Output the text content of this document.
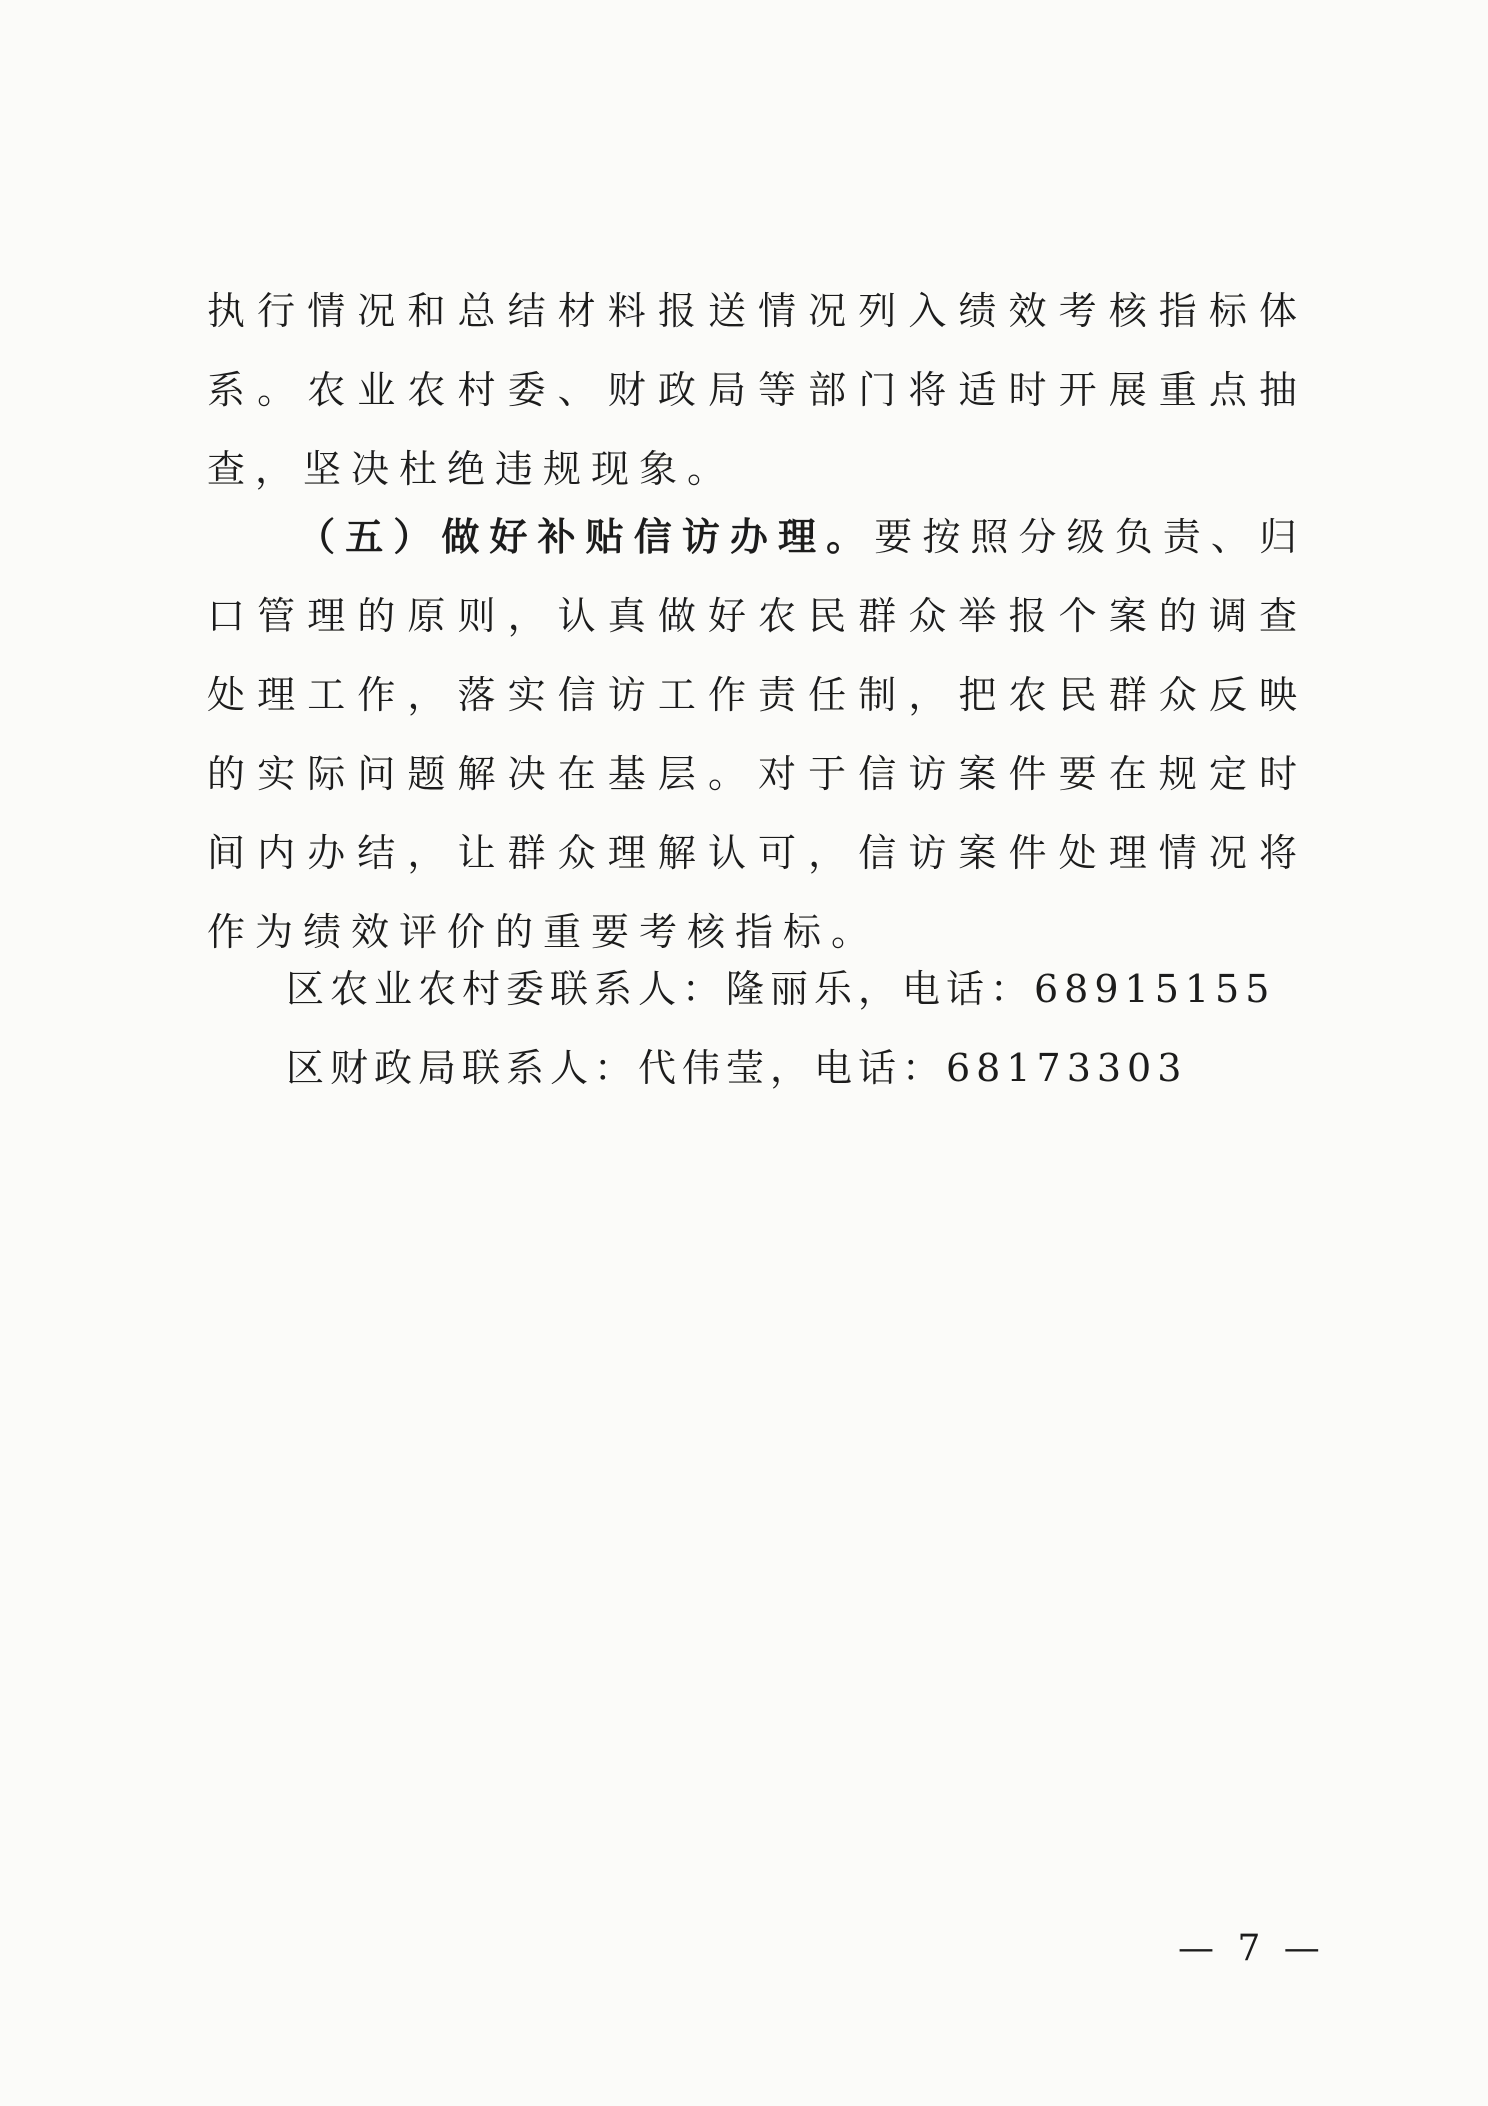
执行情况和总结材料报送情况列入绩效考核指标体系。农业农村委、财政局等部门将适时开展重点抽查，坚决杜绝违规现象。

（五）做好补贴信访办理。要按照分级负责、归口管理的原则，认真做好农民群众举报个案的调查处理工作，落实信访工作责任制，把农民群众反映的实际问题解决在基层。对于信访案件要在规定时间内办结，让群众理解认可，信访案件处理情况将作为绩效评价的重要考核指标。

区农业农村委联系人：隆丽乐，电话：68915155
区财政局联系人：代伟莹，电话：68173303
— 7 —
